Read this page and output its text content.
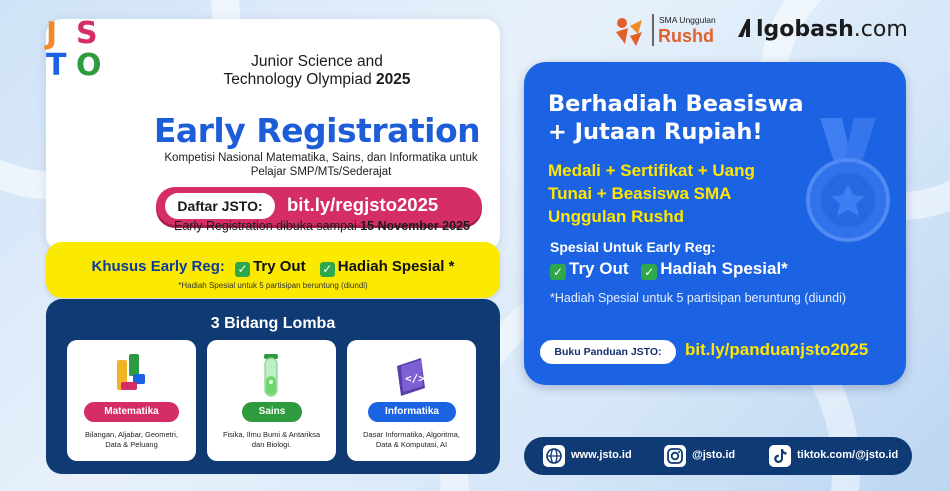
J S
T O	Junior Science and
Technology Olympiad 2025
Early Registration
Kompetisi Nasional Matematika, Sains, dan Informatika untuk
Pelajar SMP/MTs/Sederajat
Daftar JSTO:	bit.ly/regjsto2025
Early Registration dibuka sampai 15 November 2025
Khusus Early Reg: ✓ Try Out ✓ Hadiah Spesial *
*Hadiah Spesial untuk 5 partisipan beruntung (diundi)
3 Bidang Lomba
Matematika
Bilangan, Aljabar, Geometri,
Data & Peluang
Sains
Fisika, Ilmu Bumi & Antariksa
dan Biologi.
</>
Informatika
Dasar Informatika, Algoritma,
Data & Komputasi, AI
SMA Unggulan
Rushd	lgobash.com
Berhadiah Beasiswa
+ Jutaan Rupiah!
Medali + Sertifikat + Uang
Tunai + Beasiswa SMA
Unggulan Rushd
Spesial Untuk Early Reg:
✓ Try Out ✓ Hadiah Spesial*
*Hadiah Spesial untuk 5 partisipan beruntung (diundi)
Buku Panduan JSTO:	bit.ly/panduanjsto2025
www.jsto.id	@jsto.id	tiktok.com/@jsto.id
